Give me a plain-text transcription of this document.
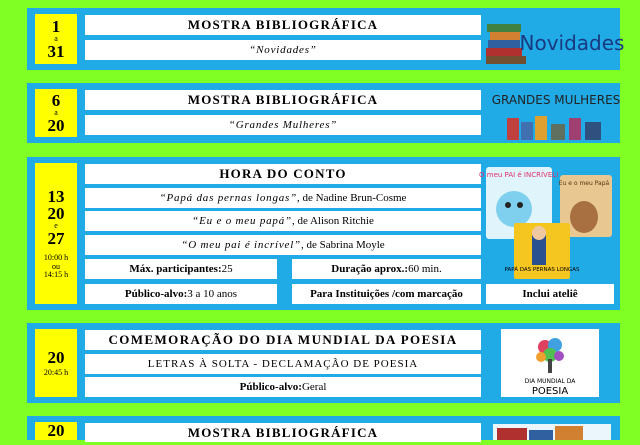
1
a
31
MOSTRA BIBLIOGRÁFICA
“Novidades”	Novidades
6
a
20
MOSTRA BIBLIOGRÁFICA
“Grandes Mulheres”
GRANDES MULHERES
13
20
e
27
10:00 h
ou
14:15 h
HORA DO CONTO
“Papá das pernas longas” , de Nadine Brun-Cosme
“Eu e o meu papá” , de Alison Ritchie
“O meu pai é incrível” , de Sabrina Moyle
Máx. participantes: 25	Duração aprox.: 60 min.
Público-alvo: 3 a 10 anos	Para Instituições /com marcação	Inclui ateliê
O meu PAI é INCRÍVEL!
Eu e o meu Papá
PAPÁ DAS PERNAS LONGAS
20
20:45 h
COMEMORAÇÃO DO DIA MUNDIAL DA POESIA
LETRAS À SOLTA - DECLAMAÇÃO DE POESIA
Público-alvo: Geral	DIA MUNDIAL DA
POESIA
20	MOSTRA BIBLIOGRÁFICA
